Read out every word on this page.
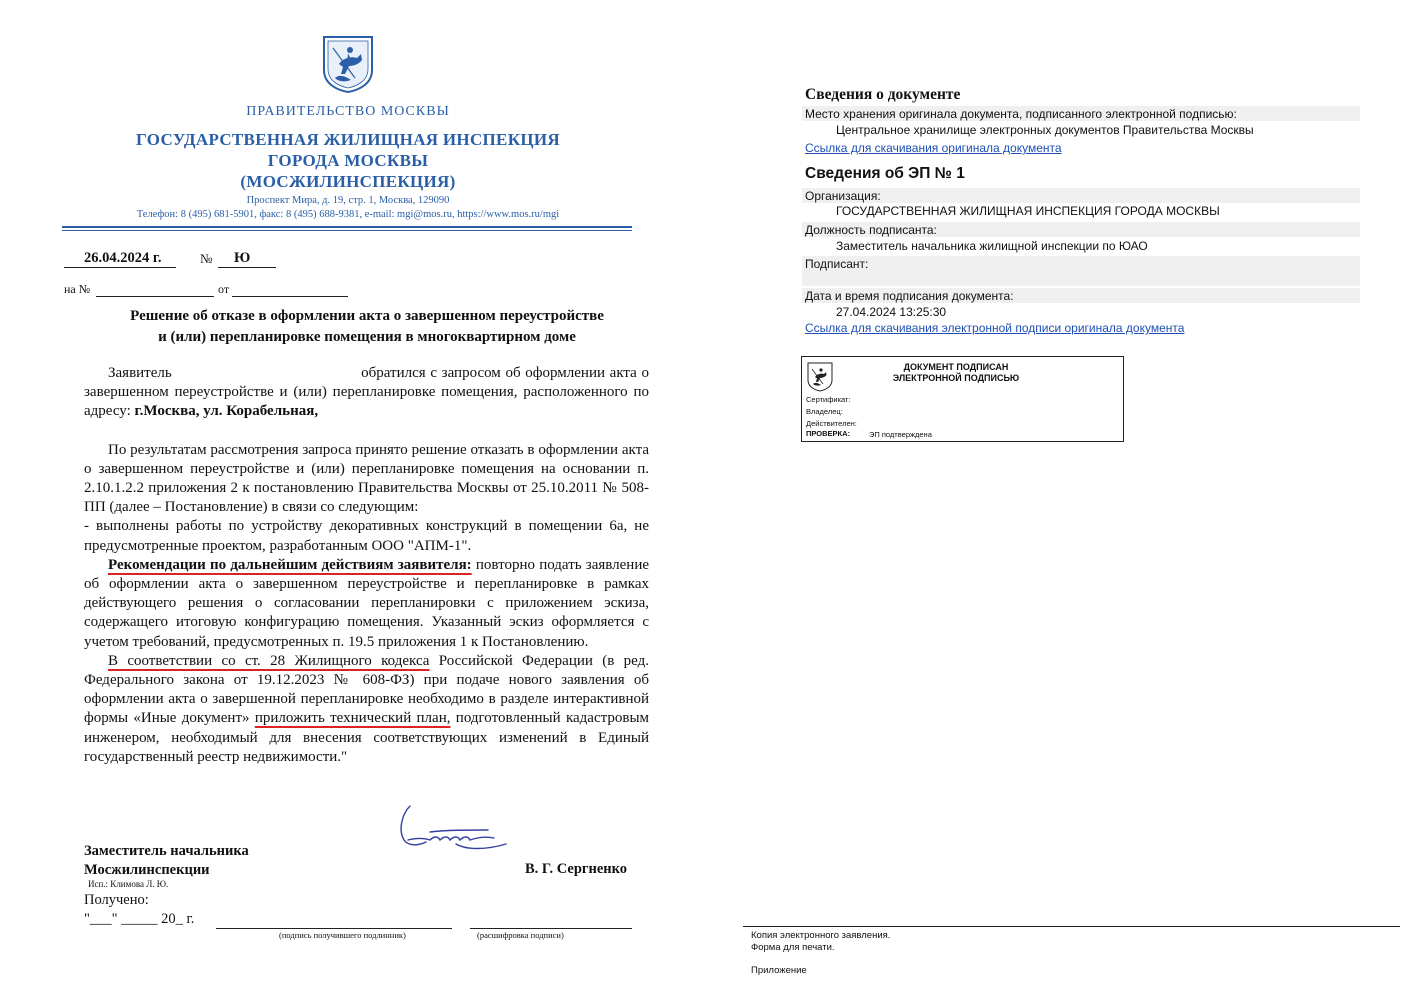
ПРАВИТЕЛЬСТВО МОСКВЫ
ГОСУДАРСТВЕННАЯ ЖИЛИЩНАЯ ИНСПЕКЦИЯ
ГОРОДА МОСКВЫ
(МОСЖИЛИНСПЕКЦИЯ)
Проспект Мира, д. 19, стр. 1, Москва, 129090
Телефон: 8 (495) 681-5901, факс: 8 (495) 688-9381, e-mail: mgi@mos.ru, https://www.mos.ru/mgi
26.04.2024 г.	№ Ю
на №	от
Решение об отказе в оформлении акта о завершенном переустройстве
и (или) перепланировке помещения в многоквартирном доме

Заявитель	обратился с запросом об оформлении акта о завершенном переустройстве и (или) перепланировке помещения, расположенного по адресу: г.Москва, ул. Корабельная,

По результатам рассмотрения запроса принято решение отказать в оформлении акта о завершенном переустройстве и (или) перепланировке помещения на основании п. 2.10.1.2.2 приложения 2 к постановлению Правительства Москвы от 25.10.2011 № 508-ПП (далее – Постановление) в связи со следующим:

- выполнены работы по устройству декоративных конструкций в помещении 6а, не предусмотренные проектом, разработанным ООО "АПМ-1".

Рекомендации по дальнейшим действиям заявителя: повторно подать заявление об оформлении акта о завершенном переустройстве и перепланировке в рамках действующего решения о согласовании перепланировки с приложением эскиза, содержащего итоговую конфигурацию помещения. Указанный эскиз оформляется с учетом требований, предусмотренных п. 19.5 приложения 1 к Постановлению.

В соответствии со ст. 28 Жилищного кодекса Российской Федерации (в ред. Федерального закона от 19.12.2023 № 608-ФЗ) при подаче нового заявления об оформлении акта о завершенной перепланировке необходимо в разделе интерактивной формы «Иные документ» приложить технический план, подготовленный кадастровым инженером, необходимый для внесения соответствующих изменений в Единый государственный реестр недвижимости."

Заместитель начальника
Мосжилинспекции	В. Г. Сергненко
Исп.: Климова Л. Ю.
Получено:
"___" _____ 20_ г.
(подпись получившего подлинник)	(расшифровка подписи)
Сведения о документе
Место хранения оригинала документа, подписанного электронной подписью:
Центральное хранилище электронных документов Правительства Москвы
Ссылка для скачивания оригинала документа
Сведения об ЭП № 1
Организация:
ГОСУДАРСТВЕННАЯ ЖИЛИЩНАЯ ИНСПЕКЦИЯ ГОРОДА МОСКВЫ
Должность подписанта:
Заместитель начальника жилищной инспекции по ЮАО
Подписант:
Дата и время подписания документа:
27.04.2024 13:25:30
Ссылка для скачивания электронной подписи оригинала документа
ДОКУМЕНТ ПОДПИСАН
ЭЛЕКТРОННОЙ ПОДПИСЬЮ
Сертификат:
Владелец:
Действителен:
ПРОВЕРКА:	ЭП подтверждена
Копия электронного заявления.
Форма для печати.
Приложение
